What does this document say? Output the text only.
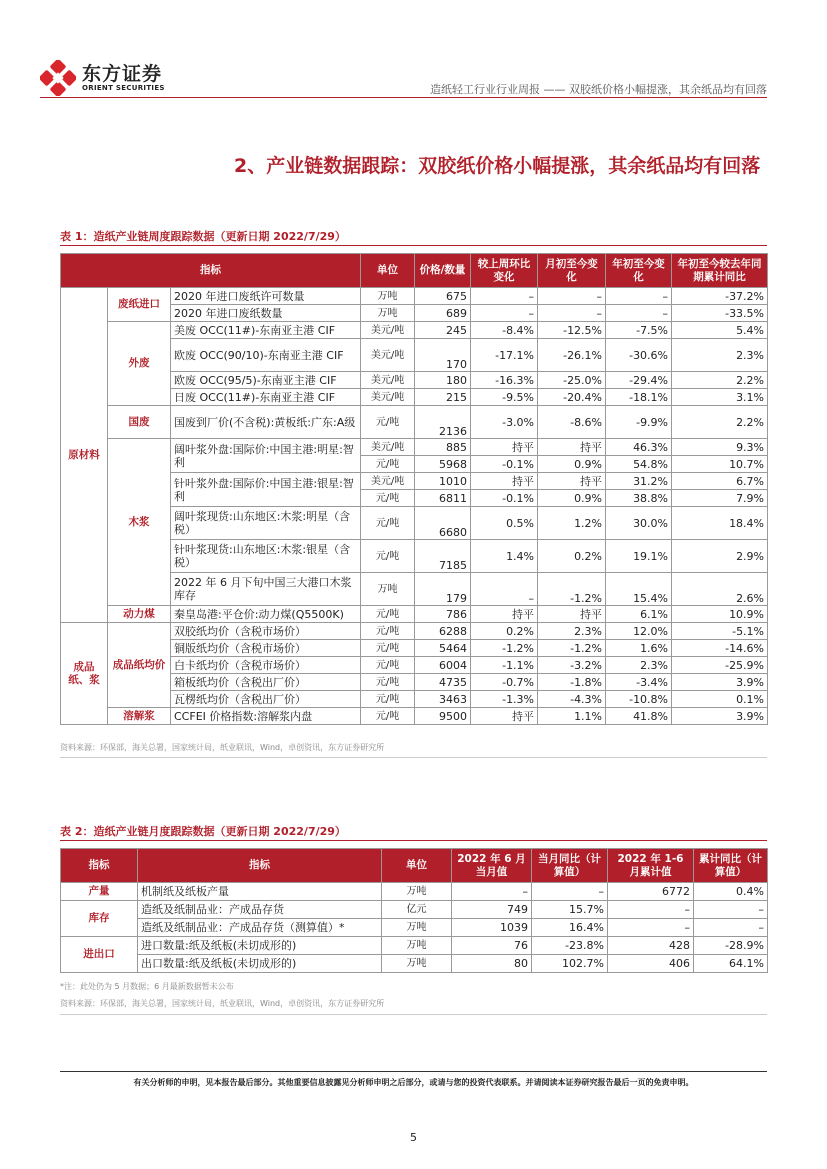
东方证券
ORIENT SECURITIES	造纸轻工行业行业周报 —— 双胶纸价格小幅提涨，其余纸品均有回落
2、产业链数据跟踪：双胶纸价格小幅提涨，其余纸品均有回落
表 1：造纸产业链周度跟踪数据（更新日期 2022/7/29）
指标			单位	价格/数量	较上周环比变化	月初至今变化	年初至今变化	年初至今较去年同期累计同比
原材料	废纸进口	2020 年进口废纸许可数量	万吨	675	–	–	–	-37.2%
		2020 年进口废纸数量	万吨	689	–	–	–	-33.5%
	外废	美废 OCC(11#)-东南亚主港 CIF	美元/吨	245	-8.4%	-12.5%	-7.5%	5.4%
		欧废 OCC(90/10)-东南亚主港 CIF	美元/吨	170	-17.1%	-26.1%	-30.6%	2.3%
		欧废 OCC(95/5)-东南亚主港 CIF	美元/吨	180	-16.3%	-25.0%	-29.4%	2.2%
		日废 OCC(11#)-东南亚主港 CIF	美元/吨	215	-9.5%	-20.4%	-18.1%	3.1%
	国废	国废到厂价(不含税):黄板纸:广东:A级	元/吨	2136	-3.0%	-8.6%	-9.9%	2.2%
	木浆	阔叶浆外盘:国际价:中国主港:明星:智利	美元/吨	885	持平	持平	46.3%	9.3%
			元/吨	5968	-0.1%	0.9%	54.8%	10.7%
		针叶浆外盘:国际价:中国主港:银星:智利	美元/吨	1010	持平	持平	31.2%	6.7%
			元/吨	6811	-0.1%	0.9%	38.8%	7.9%
		阔叶浆现货:山东地区:木浆:明星（含税）	元/吨	6680	0.5%	1.2%	30.0%	18.4%
		针叶浆现货:山东地区:木浆:银星（含税）	元/吨	7185	1.4%	0.2%	19.1%	2.9%
		2022 年 6 月下旬中国三大港口木浆库存	万吨	179	–	-1.2%	15.4%	2.6%
	动力煤	秦皇岛港:平仓价:动力煤(Q5500K)	元/吨	786	持平	持平	6.1%	10.9%
成品纸、浆	成品纸均价	双胶纸均价（含税市场价）	元/吨	6288	0.2%	2.3%	12.0%	-5.1%
		铜版纸均价（含税市场价）	元/吨	5464	-1.2%	-1.2%	1.6%	-14.6%
		白卡纸均价（含税市场价）	元/吨	6004	-1.1%	-3.2%	2.3%	-25.9%
		箱板纸均价（含税出厂价）	元/吨	4735	-0.7%	-1.8%	-3.4%	3.9%
		瓦楞纸均价（含税出厂价）	元/吨	3463	-1.3%	-4.3%	-10.8%	0.1%
	溶解浆	CCFEI 价格指数:溶解浆内盘	元/吨	9500	持平	1.1%	41.8%	3.9%
资料来源：环保部，海关总署，国家统计局，纸业联讯，Wind，卓创资讯，东方证券研究所
表 2：造纸产业链月度跟踪数据（更新日期 2022/7/29）
指标	指标	单位	2022 年 6 月当月值	当月同比（计算值）	2022 年 1-6 月累计值	累计同比（计算值）
产量	机制纸及纸板产量	万吨	–	–	6772	0.4%
库存	造纸及纸制品业：产成品存货	亿元	749	15.7%	–	–
	造纸及纸制品业：产成品存货（测算值）*	万吨	1039	16.4%	–	–
进出口	进口数量:纸及纸板(未切成形的)	万吨	76	-23.8%	428	-28.9%
	出口数量:纸及纸板(未切成形的)	万吨	80	102.7%	406	64.1%
*注：此处仍为 5 月数据；6 月最新数据暂未公布
资料来源：环保部，海关总署，国家统计局，纸业联讯，Wind，卓创资讯，东方证券研究所
有关分析师的申明，见本报告最后部分。其他重要信息披露见分析师申明之后部分，或请与您的投资代表联系。并请阅读本证券研究报告最后一页的免责申明。
5
